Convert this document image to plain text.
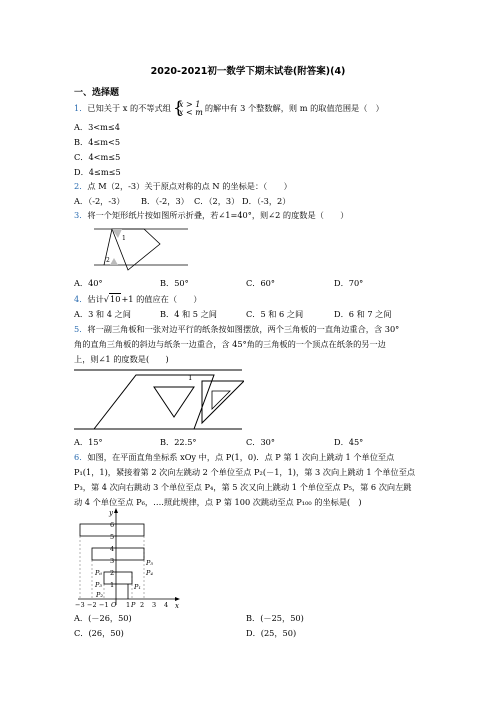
2020-2021初一数学下期末试卷(附答案)(4)
一、选择题
1．已知关于 x 的不等式组 {
x > 1
x < m 的解中有 3 个整数解，则 m 的取值范围是（　）
A．3<m≤4
B．4≤m<5
C．4<m≤5
D．4≤m≤5
2．点 M（2，-3）关于原点对称的点 N 的坐标是：（　　）
A．（-2，-3） B．（-2，3） C．（2，3） D．（-3，2）
3．将一个矩形纸片按如图所示折叠，若∠1=40°，则∠2 的度数是（　　）
1
2
A．40°	B．50°	C．60°	D．70°
4．估计√10+1 的值应在（　　）
A．3 和 4 之间	B．4 和 5 之间	C．5 和 6 之间	D．6 和 7 之间
5．将一副三角板和一张对边平行的纸条按如图摆放，两个三角板的一直角边重合，含 30°
角的直角三角板的斜边与纸条一边重合，含 45°角的三角板的一个顶点在纸条的另一边
上，则∠1 的度数是(　　)
1
A．15°	B．22.5°	C．30°	D．45°
6．如图，在平面直角坐标系 xOy 中，点 P(1，0)．点 P 第 1 次向上跳动 1 个单位至点
P₁(1，1)，紧接着第 2 次向左跳动 2 个单位至点 P₂(－1，1)，第 3 次向上跳动 1 个单位至点
P₃，第 4 次向右跳动 3 个单位至点 P₄，第 5 次又向上跳动 1 个单位至点 P₅，第 6 次向左跳
动 4 个单位至点 P₆，….照此规律，点 P 第 100 次跳动至点 P₁₀₀ 的坐标是(　)
y
x
6
5
4
3
2
1
−3 −2 −1 O 1 P 2 3 4
P₅
P₆	P₄
P₃
P₂
P₁
A．(－26，50)	B．(－25，50)
C．(26，50)	D．(25，50)
